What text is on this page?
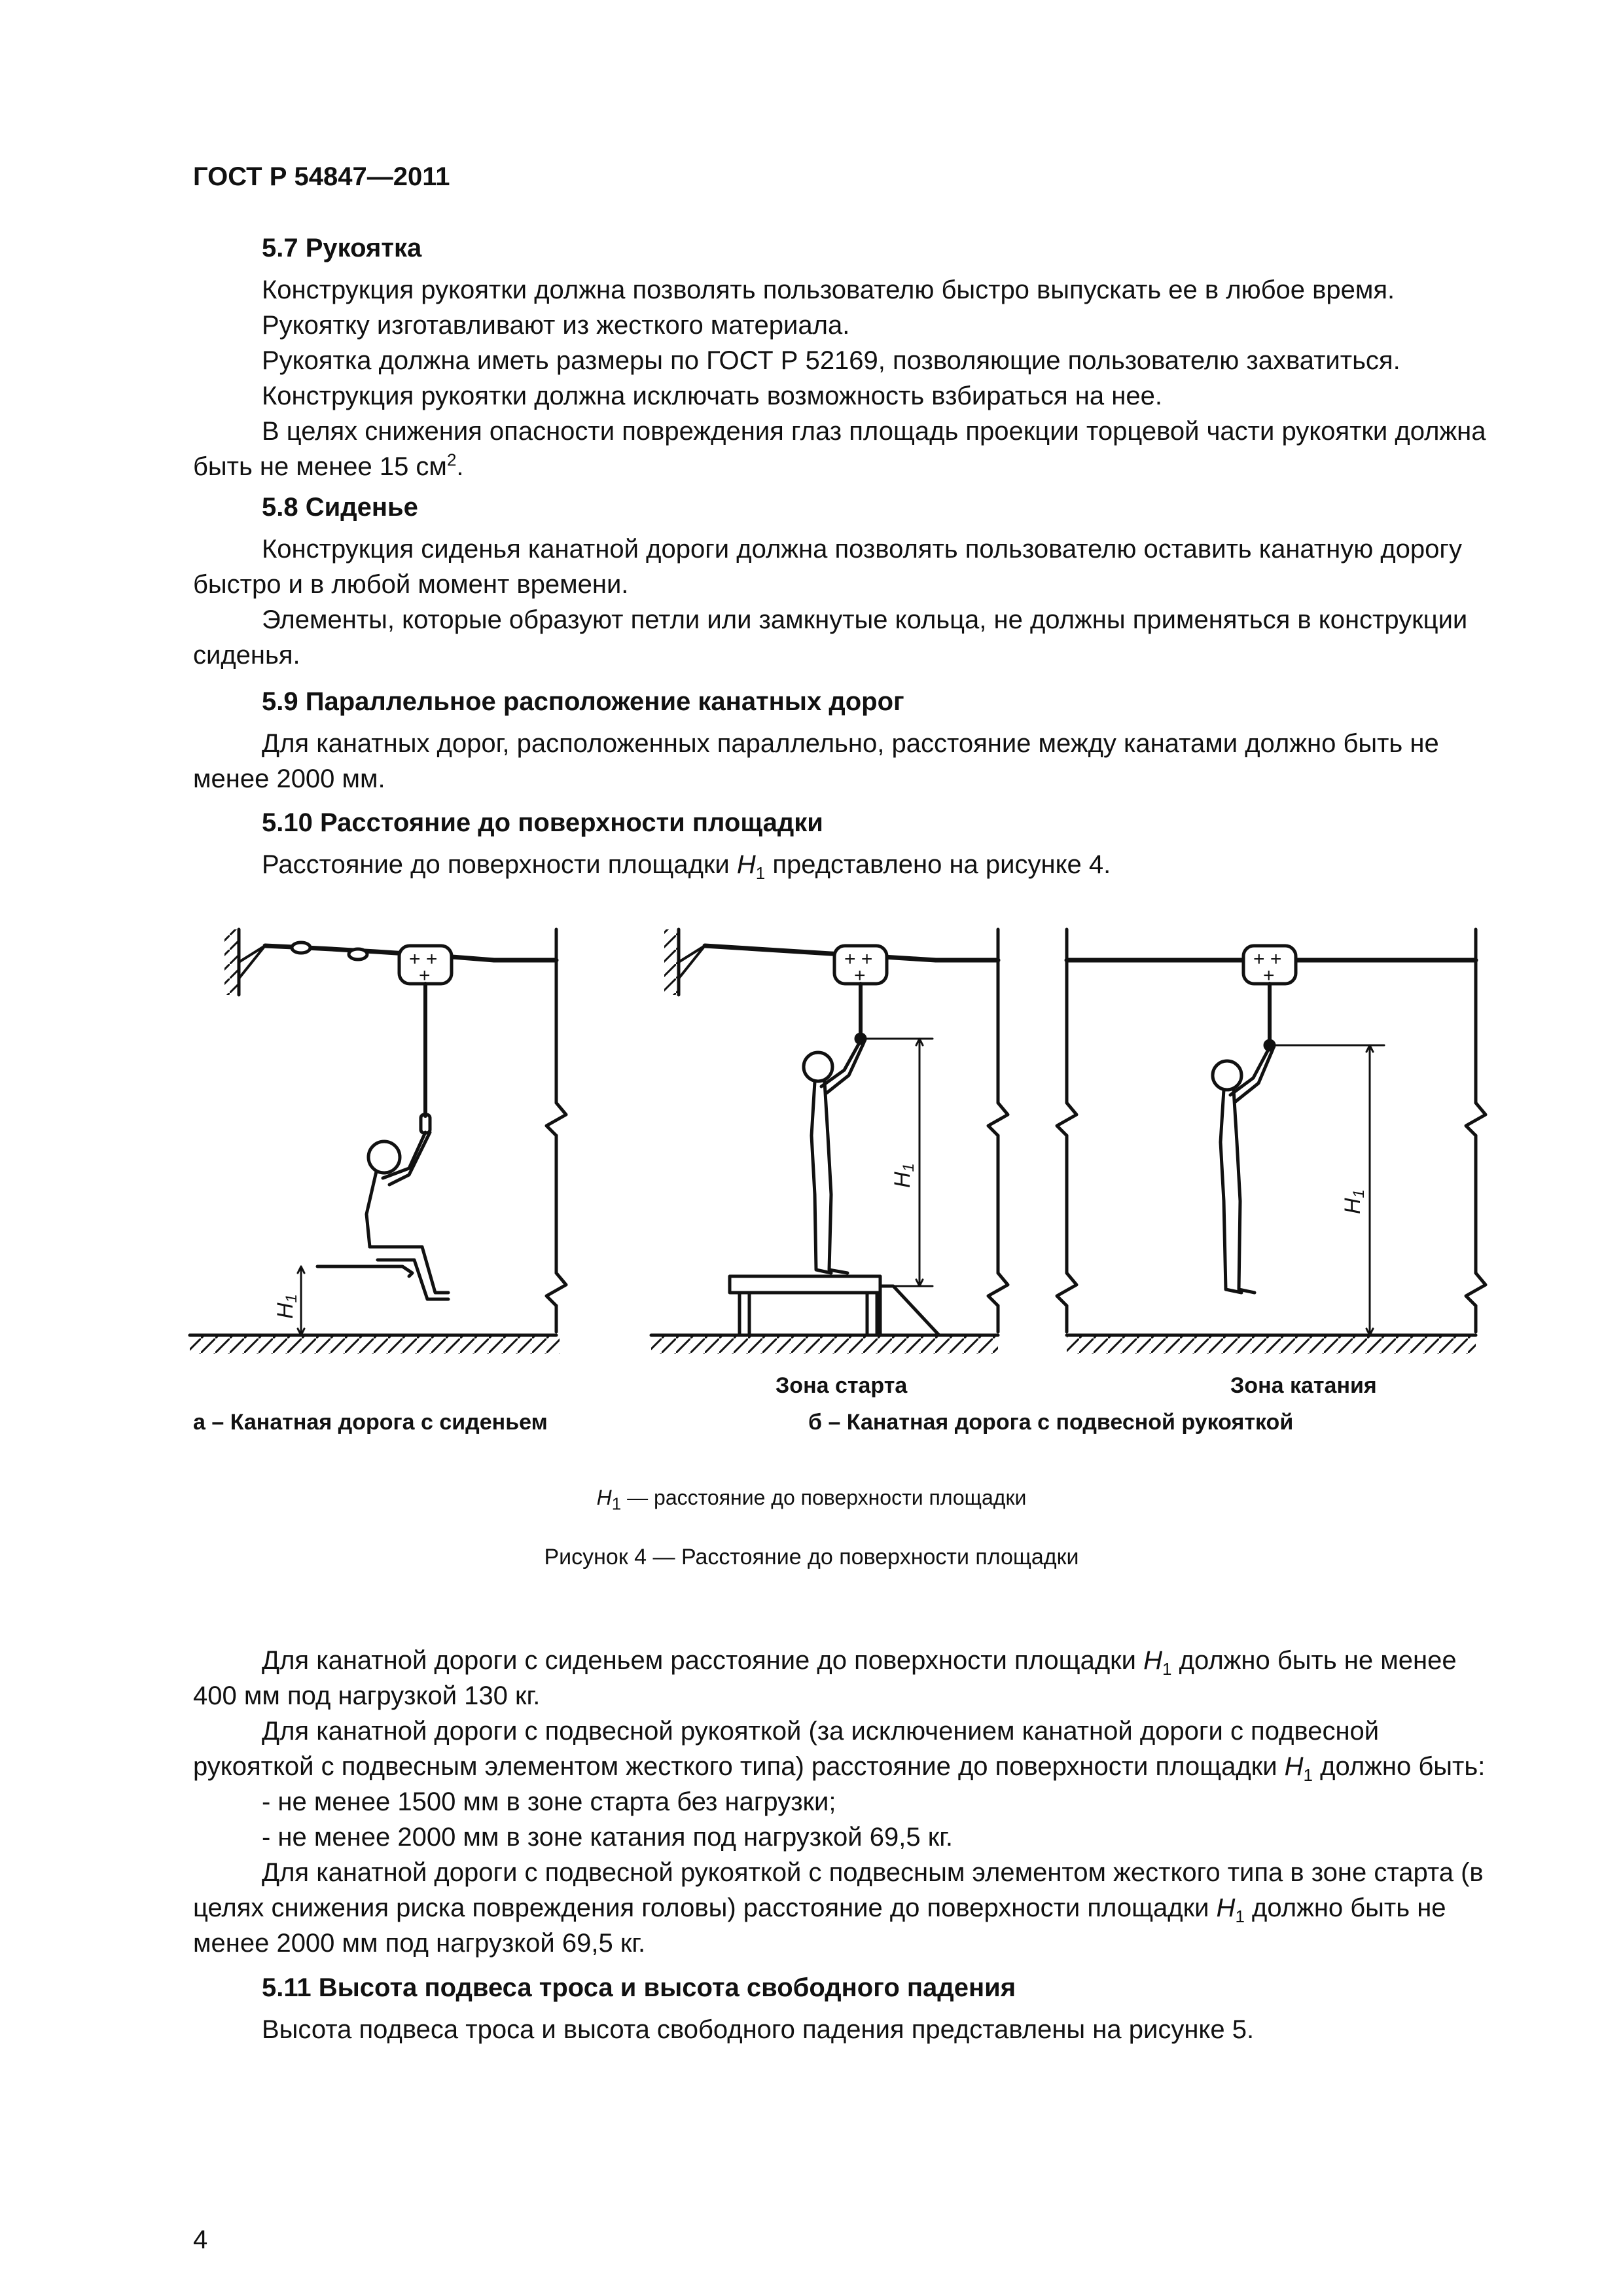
ГОСТ Р 54847—2011

5.7 Рукоятка

Конструкция рукоятки должна позволять пользователю быстро выпускать ее в любое время.

Рукоятку изготавливают из жесткого материала.

Рукоятка должна иметь размеры по ГОСТ Р 52169, позволяющие пользователю захватиться.

Конструкция рукоятки должна исключать возможность взбираться на нее.

В целях снижения опасности повреждения глаз площадь проекции торцевой части рукоятки должна быть не менее 15 $см^2$.

5.8 Сиденье

Конструкция сиденья канатной дороги должна позволять пользователю оставить канатную дорогу быстро и в любой момент времени.

Элементы, которые образуют петли или замкнутые кольца, не должны применяться в конструкции сиденья.

5.9 Параллельное расположение канатных дорог

Для канатных дорог, расположенных параллельно, расстояние между канатами должно быть не менее 2000 мм.

5.10 Расстояние до поверхности площадки

Расстояние до поверхности площадки $H_1$ представлено на рисунке 4.

+ +
+
+ +
+
+ +
+
H1
H1
H1
Зона старта	Зона катания
а – Канатная дорога с сиденьем	б – Канатная дорога с подвесной рукояткой
$H_1$ — расстояние до поверхности площадки
Рисунок 4 — Расстояние до поверхности площадки

Для канатной дороги с сиденьем расстояние до поверхности площадки $H_1$ должно быть не менее 400 мм под нагрузкой 130 кг.

Для канатной дороги с подвесной рукояткой (за исключением канатной дороги с подвесной рукояткой с подвесным элементом жесткого типа) расстояние до поверхности площадки $H_1$ должно быть:

- не менее 1500 мм в зоне старта без нагрузки;

- не менее 2000 мм в зоне катания под нагрузкой 69,5 кг.

Для канатной дороги с подвесной рукояткой с подвесным элементом жесткого типа в зоне старта (в целях снижения риска повреждения головы) расстояние до поверхности площадки $H_1$ должно быть не менее 2000 мм под нагрузкой 69,5 кг.

5.11 Высота подвеса троса и высота свободного падения

Высота подвеса троса и высота свободного падения представлены на рисунке 5.

4
